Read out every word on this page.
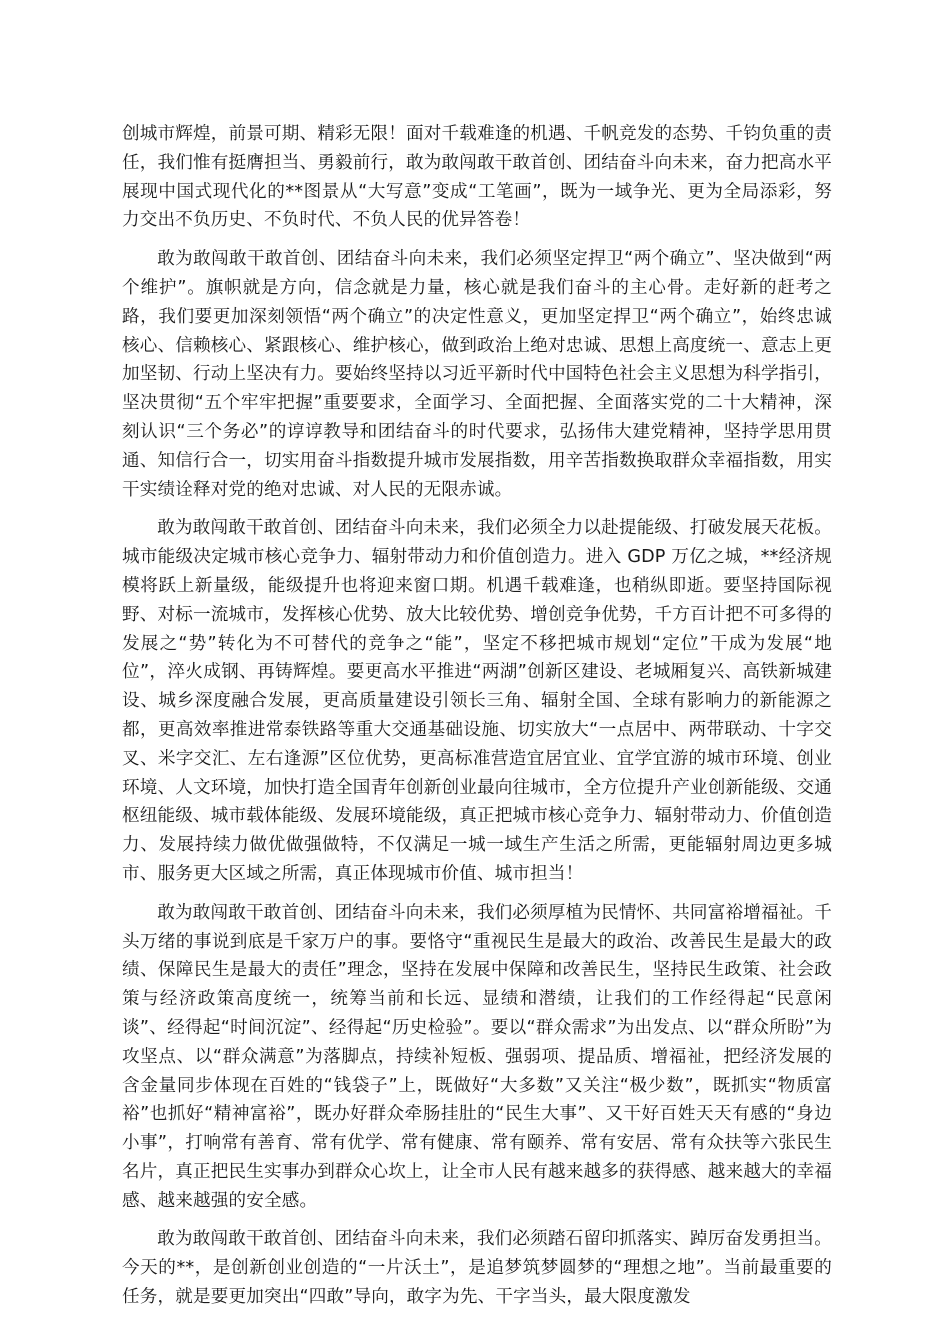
创城市辉煌，前景可期、精彩无限！面对千载难逢的机遇、千帆竞发的态势、千钧负重的责任，我们惟有挺膺担当、勇毅前行，敢为敢闯敢干敢首创、团结奋斗向未来，奋力把高水平展现中国式现代化的**图景从“大写意”变成“工笔画”，既为一域争光、更为全局添彩，努力交出不负历史、不负时代、不负人民的优异答卷！

敢为敢闯敢干敢首创、团结奋斗向未来，我们必须坚定捍卫“两个确立”、坚决做到“两个维护”。旗帜就是方向，信念就是力量，核心就是我们奋斗的主心骨。走好新的赶考之路，我们要更加深刻领悟“两个确立”的决定性意义，更加坚定捍卫“两个确立”，始终忠诚核心、信赖核心、紧跟核心、维护核心，做到政治上绝对忠诚、思想上高度统一、意志上更加坚韧、行动上坚决有力。要始终坚持以习近平新时代中国特色社会主义思想为科学指引，坚决贯彻“五个牢牢把握”重要要求，全面学习、全面把握、全面落实党的二十大精神，深刻认识“三个务必”的谆谆教导和团结奋斗的时代要求，弘扬伟大建党精神，坚持学思用贯通、知信行合一，切实用奋斗指数提升城市发展指数，用辛苦指数换取群众幸福指数，用实干实绩诠释对党的绝对忠诚、对人民的无限赤诚。

敢为敢闯敢干敢首创、团结奋斗向未来，我们必须全力以赴提能级、打破发展天花板。城市能级决定城市核心竞争力、辐射带动力和价值创造力。进入 GDP 万亿之城，**经济规模将跃上新量级，能级提升也将迎来窗口期。机遇千载难逢，也稍纵即逝。要坚持国际视野、对标一流城市，发挥核心优势、放大比较优势、增创竞争优势，千方百计把不可多得的发展之“势”转化为不可替代的竞争之“能”，坚定不移把城市规划“定位”干成为发展“地位”，淬火成钢、再铸辉煌。要更高水平推进“两湖”创新区建设、老城厢复兴、高铁新城建设、城乡深度融合发展，更高质量建设引领长三角、辐射全国、全球有影响力的新能源之都，更高效率推进常泰铁路等重大交通基础设施、切实放大“一点居中、两带联动、十字交叉、米字交汇、左右逢源”区位优势，更高标准营造宜居宜业、宜学宜游的城市环境、创业环境、人文环境，加快打造全国青年创新创业最向往城市，全方位提升产业创新能级、交通枢纽能级、城市载体能级、发展环境能级，真正把城市核心竞争力、辐射带动力、价值创造力、发展持续力做优做强做特，不仅满足一城一域生产生活之所需，更能辐射周边更多城市、服务更大区域之所需，真正体现城市价值、城市担当！

敢为敢闯敢干敢首创、团结奋斗向未来，我们必须厚植为民情怀、共同富裕增福祉。千头万绪的事说到底是千家万户的事。要恪守“重视民生是最大的政治、改善民生是最大的政绩、保障民生是最大的责任”理念，坚持在发展中保障和改善民生，坚持民生政策、社会政策与经济政策高度统一，统筹当前和长远、显绩和潜绩，让我们的工作经得起“民意闲谈”、经得起“时间沉淀”、经得起“历史检验”。要以“群众需求”为出发点、以“群众所盼”为攻坚点、以“群众满意”为落脚点，持续补短板、强弱项、提品质、增福祉，把经济发展的含金量同步体现在百姓的“钱袋子”上，既做好“大多数”又关注“极少数”，既抓实“物质富裕”也抓好“精神富裕”，既办好群众牵肠挂肚的“民生大事”、又干好百姓天天有感的“身边小事”，打响常有善育、常有优学、常有健康、常有颐养、常有安居、常有众扶等六张民生名片，真正把民生实事办到群众心坎上，让全市人民有越来越多的获得感、越来越大的幸福感、越来越强的安全感。

敢为敢闯敢干敢首创、团结奋斗向未来，我们必须踏石留印抓落实、踔厉奋发勇担当。今天的**，是创新创业创造的“一片沃土”，是追梦筑梦圆梦的“理想之地”。当前最重要的任务，就是要更加突出“四敢”导向，敢字为先、干字当头，最大限度激发
